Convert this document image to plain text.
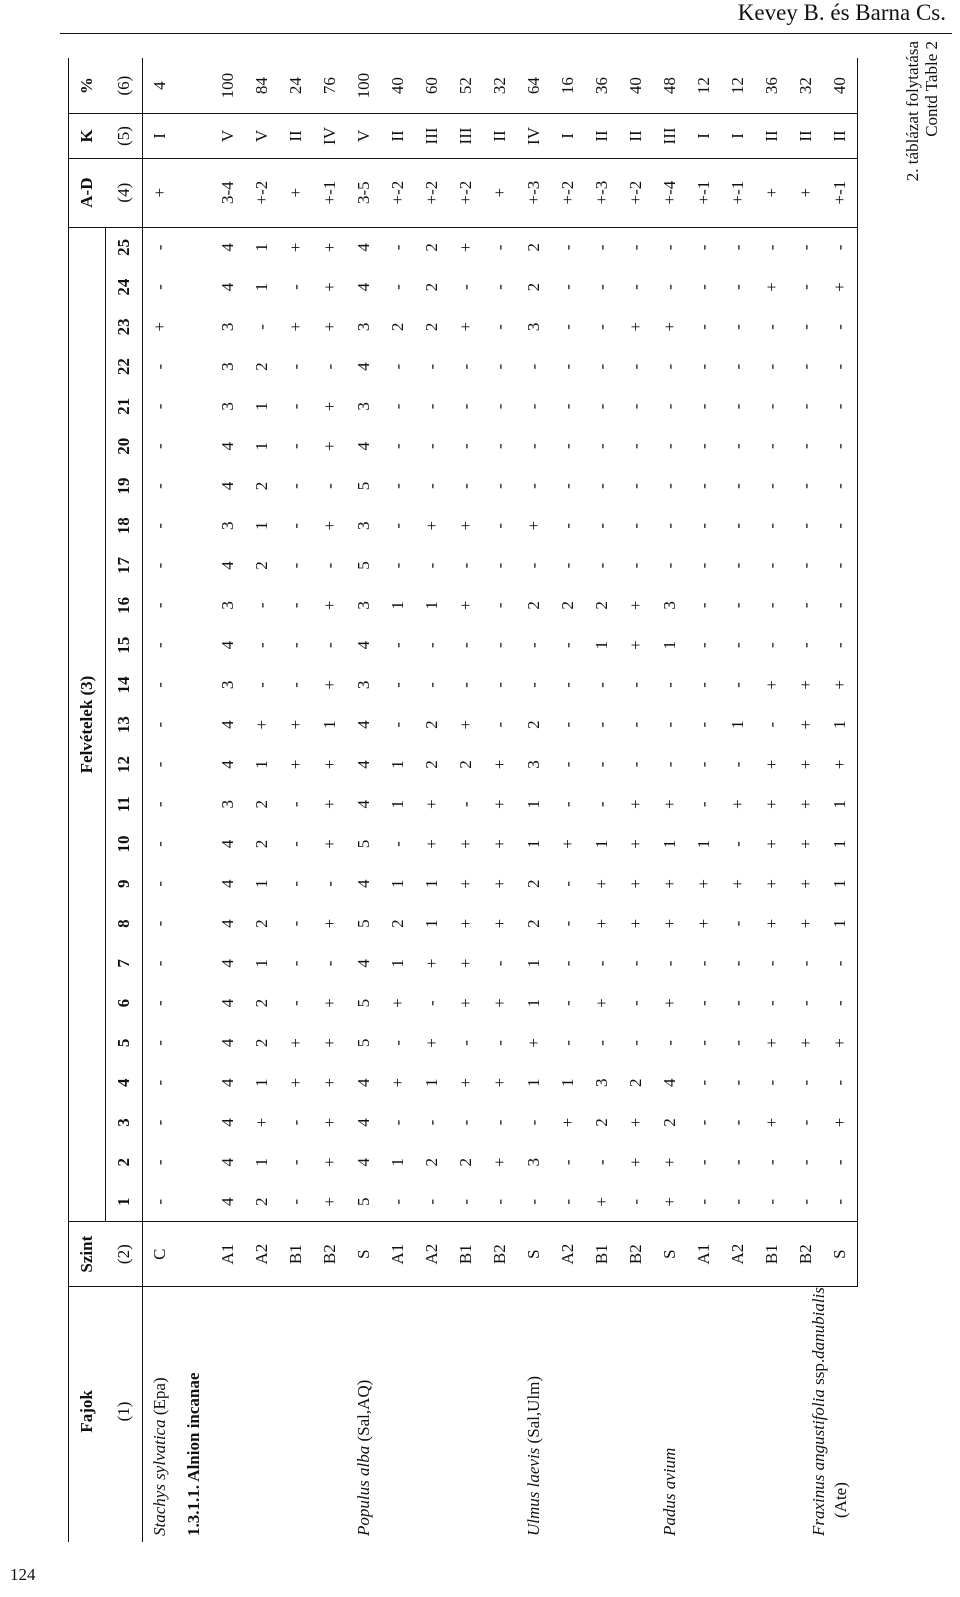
Kevey B. és Barna Cs.
124
2. táblázat folytatása Contd Table 2
Fajok	Szint	Felvételek (3)																									A-D	K	%
(1)	(2)	1	2	3	4	5	6	7	8	9	10	11	12	13	14	15	16	17	18	19	20	21	22	23	24	25	(4)	(5)	(6)

Stachys sylvatica (Epa)	C	-	-	-	-	-	-	-	-	-	-	-	-	-	-	-	-	-	-	-	-	-	-	+	-	-	+	I	4
1.3.1.1. Alnion incanae																													

Populus alba (Sal,AQ)	A1	4	4	4	4	4	4	4	4	4	4	3	4	4	3	4	3	4	3	4	4	3	3	3	4	4	3-4	V	100
	A2	2	1	+	1	2	2	1	2	1	2	2	1	+	-	-	-	2	1	2	1	1	2	-	1	1	+-2	V	84
	B1	-	-	-	+	+	-	-	-	-	-	-	+	+	-	-	-	-	-	-	-	-	-	+	-	+	+	II	24
	B2	+	+	+	+	+	+	-	+	-	+	+	+	1	+	-	+	-	+	-	+	+	-	+	+	+	+-1	IV	76
	S	5	4	4	4	5	5	4	5	4	5	4	4	4	3	4	3	5	3	5	4	3	4	3	4	4	3-5	V	100

Ulmus laevis (Sal,Ulm)	A1	-	1	-	+	-	+	1	2	1	-	1	1	-	-	-	1	-	-	-	-	-	-	2	-	-	+-2	II	40
	A2	-	2	-	1	+	-	+	1	1	+	+	2	2	-	-	1	-	+	-	-	-	-	2	2	2	+-2	III	60
	B1	-	2	-	+	-	+	+	+	+	+	-	2	+	-	-	+	-	+	-	-	-	-	+	-	+	+-2	III	52
	B2	-	+	-	+	-	+	-	+	+	+	+	+	-	-	-	-	-	-	-	-	-	-	-	-	-	+	II	32
	S	-	3	-	1	+	1	1	2	2	1	1	3	2	-	-	2	-	+	-	-	-	-	3	2	2	+-3	IV	64

Padus avium	A2	-	-	+	1	-	-	-	-	-	+	-	-	-	-	-	2	-	-	-	-	-	-	-	-	-	+-2	I	16
	B1	+	-	2	3	-	+	-	+	+	1	-	-	-	-	1	2	-	-	-	-	-	-	-	-	-	+-3	II	36
	B2	-	+	+	2	-	-	-	+	+	+	+	-	-	-	+	+	-	-	-	-	-	-	+	-	-	+-2	II	40
	S	+	+	2	4	-	+	-	+	+	1	+	-	-	-	1	3	-	-	-	-	-	-	+	-	-	+-4	III	48

Fraxinus angustifolia ssp.danubialis
(Ate)	A1	-	-	-	-	-	-	-	+	+	1	-	-	-	-	-	-	-	-	-	-	-	-	-	-	-	+-1	I	12
	A2	-	-	-	-	-	-	-	-	+	-	+	-	1	-	-	-	-	-	-	-	-	-	-	-	-	+-1	I	12
	B1	-	-	+	-	+	-	-	+	+	+	+	+	-	+	-	-	-	-	-	-	-	-	-	+	-	+	II	36
	B2	-	-	-	-	+	-	-	+	+	+	+	+	+	+	-	-	-	-	-	-	-	-	-	-	-	+	II	32
	S	-	-	+	-	+	-	-	1	1	1	1	+	1	+	-	-	-	-	-	-	-	-	-	+	-	+-1	II	40
